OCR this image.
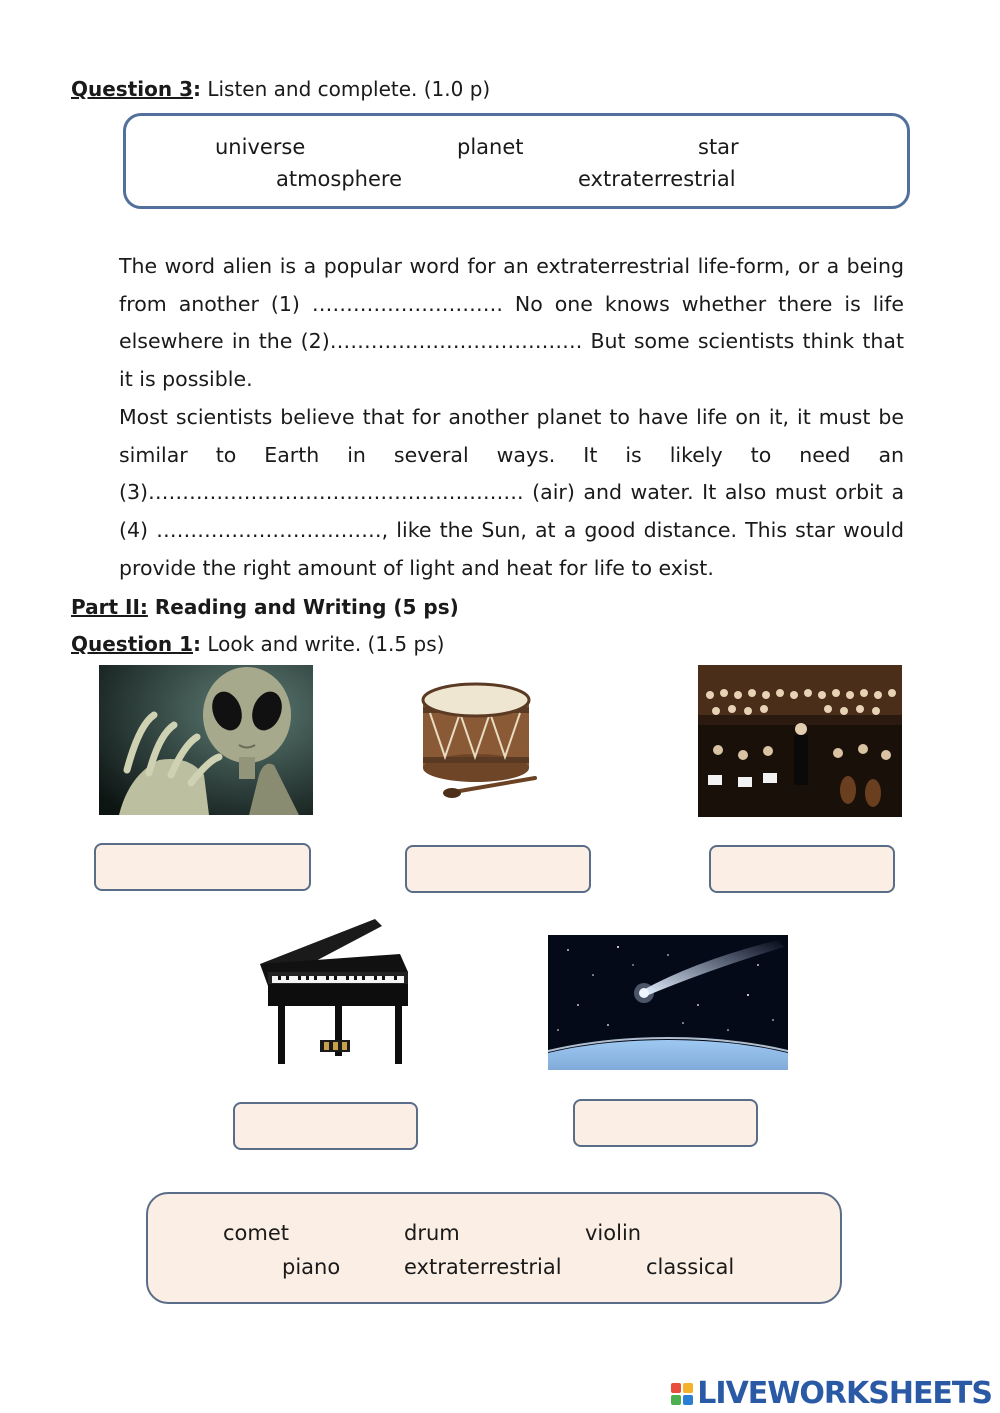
Question 3: Listen and complete. (1.0 p)
universe	planet	star
atmosphere	extraterrestrial

The word alien is a popular word for an extraterrestrial life-form, or a being from another (1) ………………………. No one knows whether there is life elsewhere in the (2)………………………………. But some scientists think that it is possible.

Most scientists believe that for another planet to have life on it, it must be similar to Earth in several ways. It is likely to need an (3)………………………………………………. (air) and water. It also must orbit a (4) ……………………………, like the Sun, at a good distance. This star would provide the right amount of light and heat for life to exist.

Part II: Reading and Writing (5 ps)
Question 1: Look and write. (1.5 ps)
comet	drum	violin
piano	extraterrestrial	classical
LIVEWORKSHEETS
